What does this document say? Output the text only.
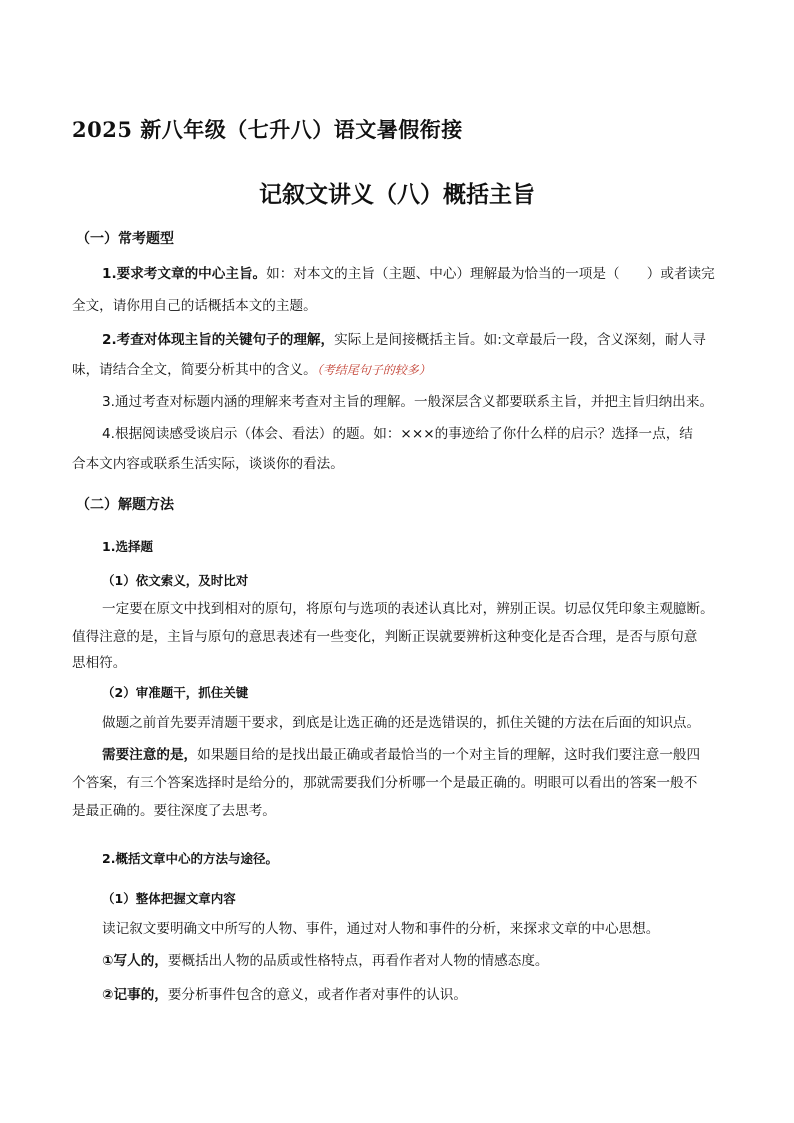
2025 新八年级（七升八）语文暑假衔接
记叙文讲义（八）概括主旨
（一）常考题型
1.要求考文章的中心主旨。如：对本文的主旨（主题、中心）理解最为恰当的一项是（　　）或者读完
全文，请你用自己的话概括本文的主题。
2.考查对体现主旨的关键句子的理解，实际上是间接概括主旨。如:文章最后一段，含义深刻，耐人寻
味，请结合全文，简要分析其中的含义。（考结尾句子的较多）
3.通过考查对标题内涵的理解来考查对主旨的理解。一般深层含义都要联系主旨，并把主旨归纳出来。
4.根据阅读感受谈启示（体会、看法）的题。如：×××的事迹给了你什么样的启示？选择一点，结
合本文内容或联系生活实际，谈谈你的看法。
（二）解题方法
1.选择题
（1）依文索义，及时比对
一定要在原文中找到相对的原句，将原句与选项的表述认真比对，辨别正误。切忌仅凭印象主观臆断。
值得注意的是，主旨与原句的意思表述有一些变化，判断正误就要辨析这种变化是否合理，是否与原句意
思相符。
（2）审准题干，抓住关键
做题之前首先要弄清题干要求，到底是让选正确的还是选错误的，抓住关键的方法在后面的知识点。
需要注意的是，如果题目给的是找出最正确或者最恰当的一个对主旨的理解，这时我们要注意一般四
个答案，有三个答案选择时是给分的，那就需要我们分析哪一个是最正确的。明眼可以看出的答案一般不
是最正确的。要往深度了去思考。
2.概括文章中心的方法与途径。
（1）整体把握文章内容
读记叙文要明确文中所写的人物、事件，通过对人物和事件的分析，来探求文章的中心思想。
①写人的，要概括出人物的品质或性格特点，再看作者对人物的情感态度。
②记事的，要分析事件包含的意义，或者作者对事件的认识。
